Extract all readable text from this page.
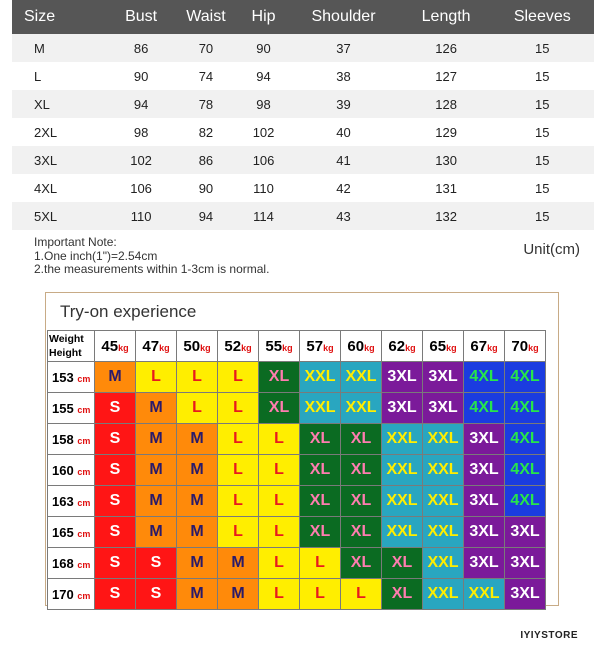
Size	Bust	Waist	Hip	Shoulder	Length	Sleeves
M	86	70	90	37	126	15
L	90	74	94	38	127	15
XL	94	78	98	39	128	15
2XL	98	82	102	40	129	15
3XL	102	86	106	41	130	15
4XL	106	90	110	42	131	15
5XL	110	94	114	43	132	15
Important Note:
1.One inch(1")=2.54cm
2.the measurements within 1-3cm is normal.
Unit(cm)
Try-on experience
Weight
Height	45kg	47kg	50kg	52kg	55kg	57kg	60kg	62kg	65kg	67kg	70kg
153 cm	M	L	L	L	XL	XXL	XXL	3XL	3XL	4XL	4XL
155 cm	S	M	L	L	XL	XXL	XXL	3XL	3XL	4XL	4XL
158 cm	S	M	M	L	L	XL	XL	XXL	XXL	3XL	4XL
160 cm	S	M	M	L	L	XL	XL	XXL	XXL	3XL	4XL
163 cm	S	M	M	L	L	XL	XL	XXL	XXL	3XL	4XL
165 cm	S	M	M	L	L	XL	XL	XXL	XXL	3XL	3XL
168 cm	S	S	M	M	L	L	XL	XL	XXL	3XL	3XL
170 cm	S	S	M	M	L	L	L	XL	XXL	XXL	3XL
IYIYSTORE
